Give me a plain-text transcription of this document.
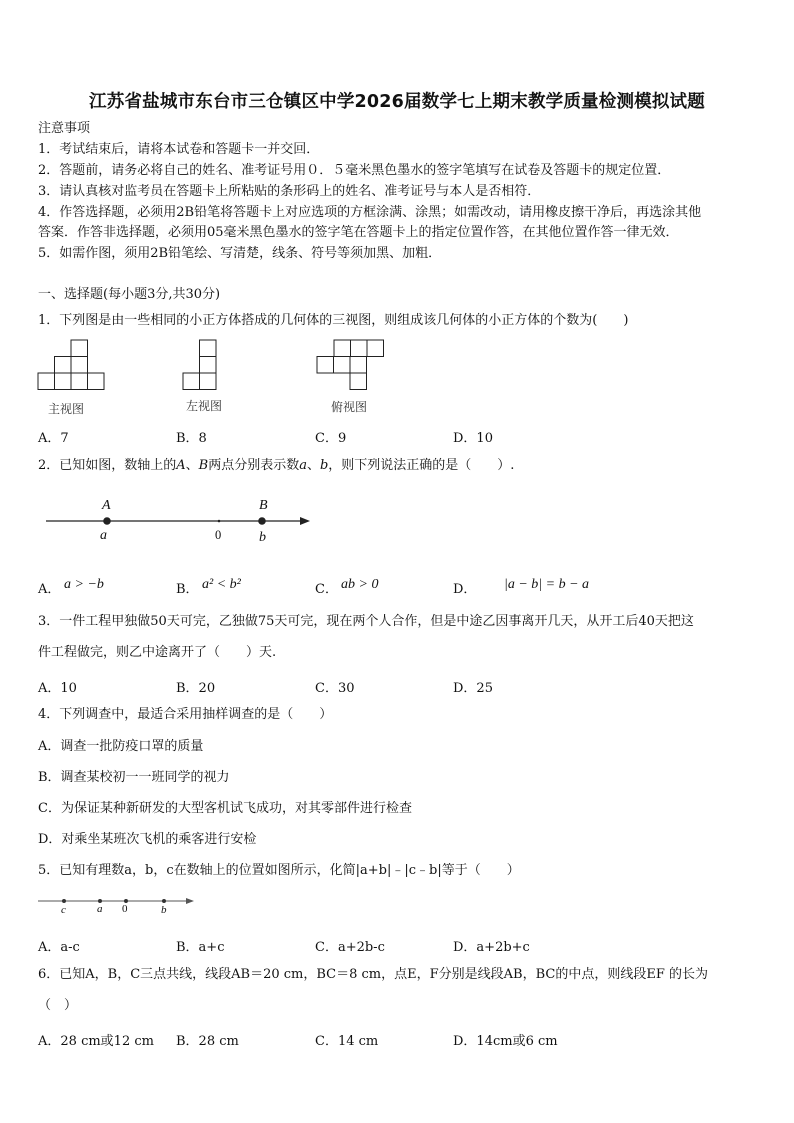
江苏省盐城市东台市三仓镇区中学2026届数学七上期末教学质量检测模拟试题
注意事项
1．考试结束后，请将本试卷和答题卡一并交回．
2．答题前，请务必将自己的姓名、准考证号用０．５毫米黑色墨水的签字笔填写在试卷及答题卡的规定位置．
3．请认真核对监考员在答题卡上所粘贴的条形码上的姓名、准考证号与本人是否相符．
4．作答选择题，必须用2B铅笔将答题卡上对应选项的方框涂满、涂黑；如需改动，请用橡皮擦干净后，再选涂其他
答案．作答非选择题，必须用05毫米黑色墨水的签字笔在答题卡上的指定位置作答，在其他位置作答一律无效．
5．如需作图，须用2B铅笔绘、写清楚，线条、符号等须加黑、加粗．
一、选择题(每小题3分,共30分)
1．下列图是由一些相同的小正方体搭成的几何体的三视图，则组成该几何体的小正方体的个数为(　　)
主视图	左视图	俯视图
A．7	B．8	C．9	D．10
2．已知如图，数轴上的𝐴、𝐵两点分别表示数𝑎、𝑏，则下列说法正确的是（　　）.
A	B
a	0	b
A． a > −b	B． a² < b²	C． ab > 0	D． |a − b| = b − a
3．一件工程甲独做50天可完，乙独做75天可完，现在两个人合作，但是中途乙因事离开几天，从开工后40天把这
件工程做完，则乙中途离开了（　　）天.
A．10	B．20	C．30	D．25
4．下列调查中，最适合采用抽样调查的是（　　）
A．调查一批防疫口罩的质量
B．调查某校初一一班同学的视力
C．为保证某种新研发的大型客机试飞成功，对其零部件进行检查
D．对乘坐某班次飞机的乘客进行安检
5．已知有理数a，b，c在数轴上的位置如图所示，化简|a+b|﹣|c﹣b|等于（　　）
c	a 0	b
A．a-c	B．a+c	C．a+2b-c	D．a+2b+c
6．已知A，B，C三点共线，线段AB＝20 cm，BC＝8 cm，点E，F分别是线段AB，BC的中点，则线段EF 的长为
（　）
A．28 cm或12 cm B．28 cm	C．14 cm	D．14cm或6 cm
